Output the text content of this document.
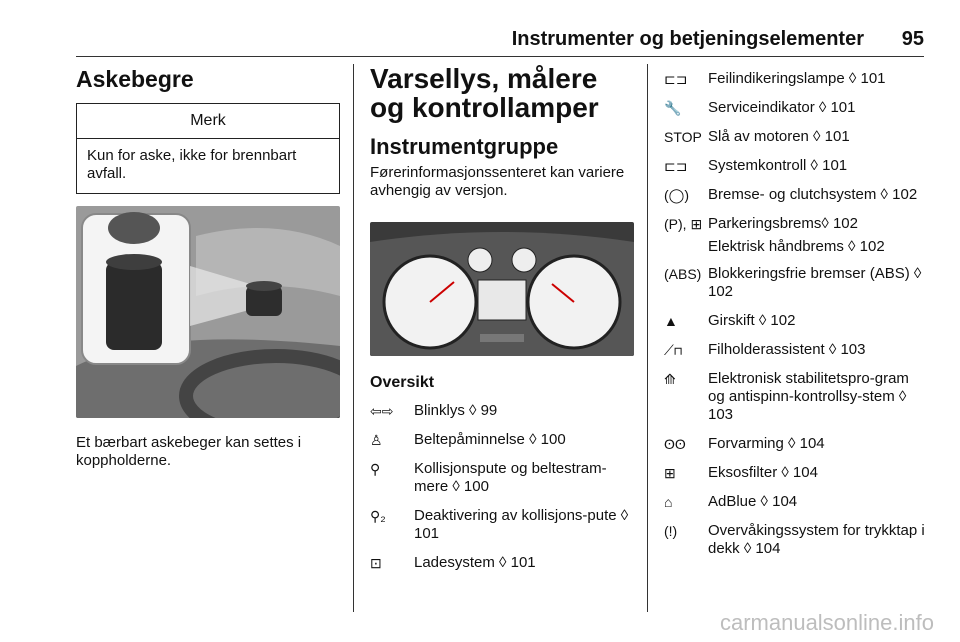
Instrumenter og betjeningselementer 95
Askebegre
Merk
Kun for aske, ikke for brennbart avfall.
Et bærbart askebeger kan settes i koppholderne.
Varsellys, målere og kontrollamper
Instrumentgruppe
Førerinformasjonssenteret kan variere avhengig av versjon.
Oversikt
⇦⇨	Blinklys ◊ 99
♙	Beltepåminnelse ◊ 100
⚲	Kollisjonspute og beltestram-mere ◊ 100
⚲₂	Deaktivering av kollisjons-pute ◊ 101
⊡	Ladesystem ◊ 101
⊏⊐	Feilindikeringslampe ◊ 101
🔧	Serviceindikator ◊ 101
STOP Slå av motoren ◊ 101
⊏⊐	Systemkontroll ◊ 101
(◯)	Bremse- og clutchsystem ◊ 102
(P), ⊞ Parkeringsbrems◊ 102
Elektrisk håndbrems ◊ 102
(ABS) Blokkeringsfrie bremser (ABS) ◊ 102
▲	Girskift ◊ 102
⟋⊓	Filholderassistent ◊ 103
⟰	Elektronisk stabilitetspro-gram og antispinn-kontrollsy-stem ◊ 103
ʘʘ	Forvarming ◊ 104
⊞	Eksosfilter ◊ 104
⌂	AdBlue ◊ 104
(!)	Overvåkingssystem for trykktap i dekk ◊ 104
carmanualsonline.info
